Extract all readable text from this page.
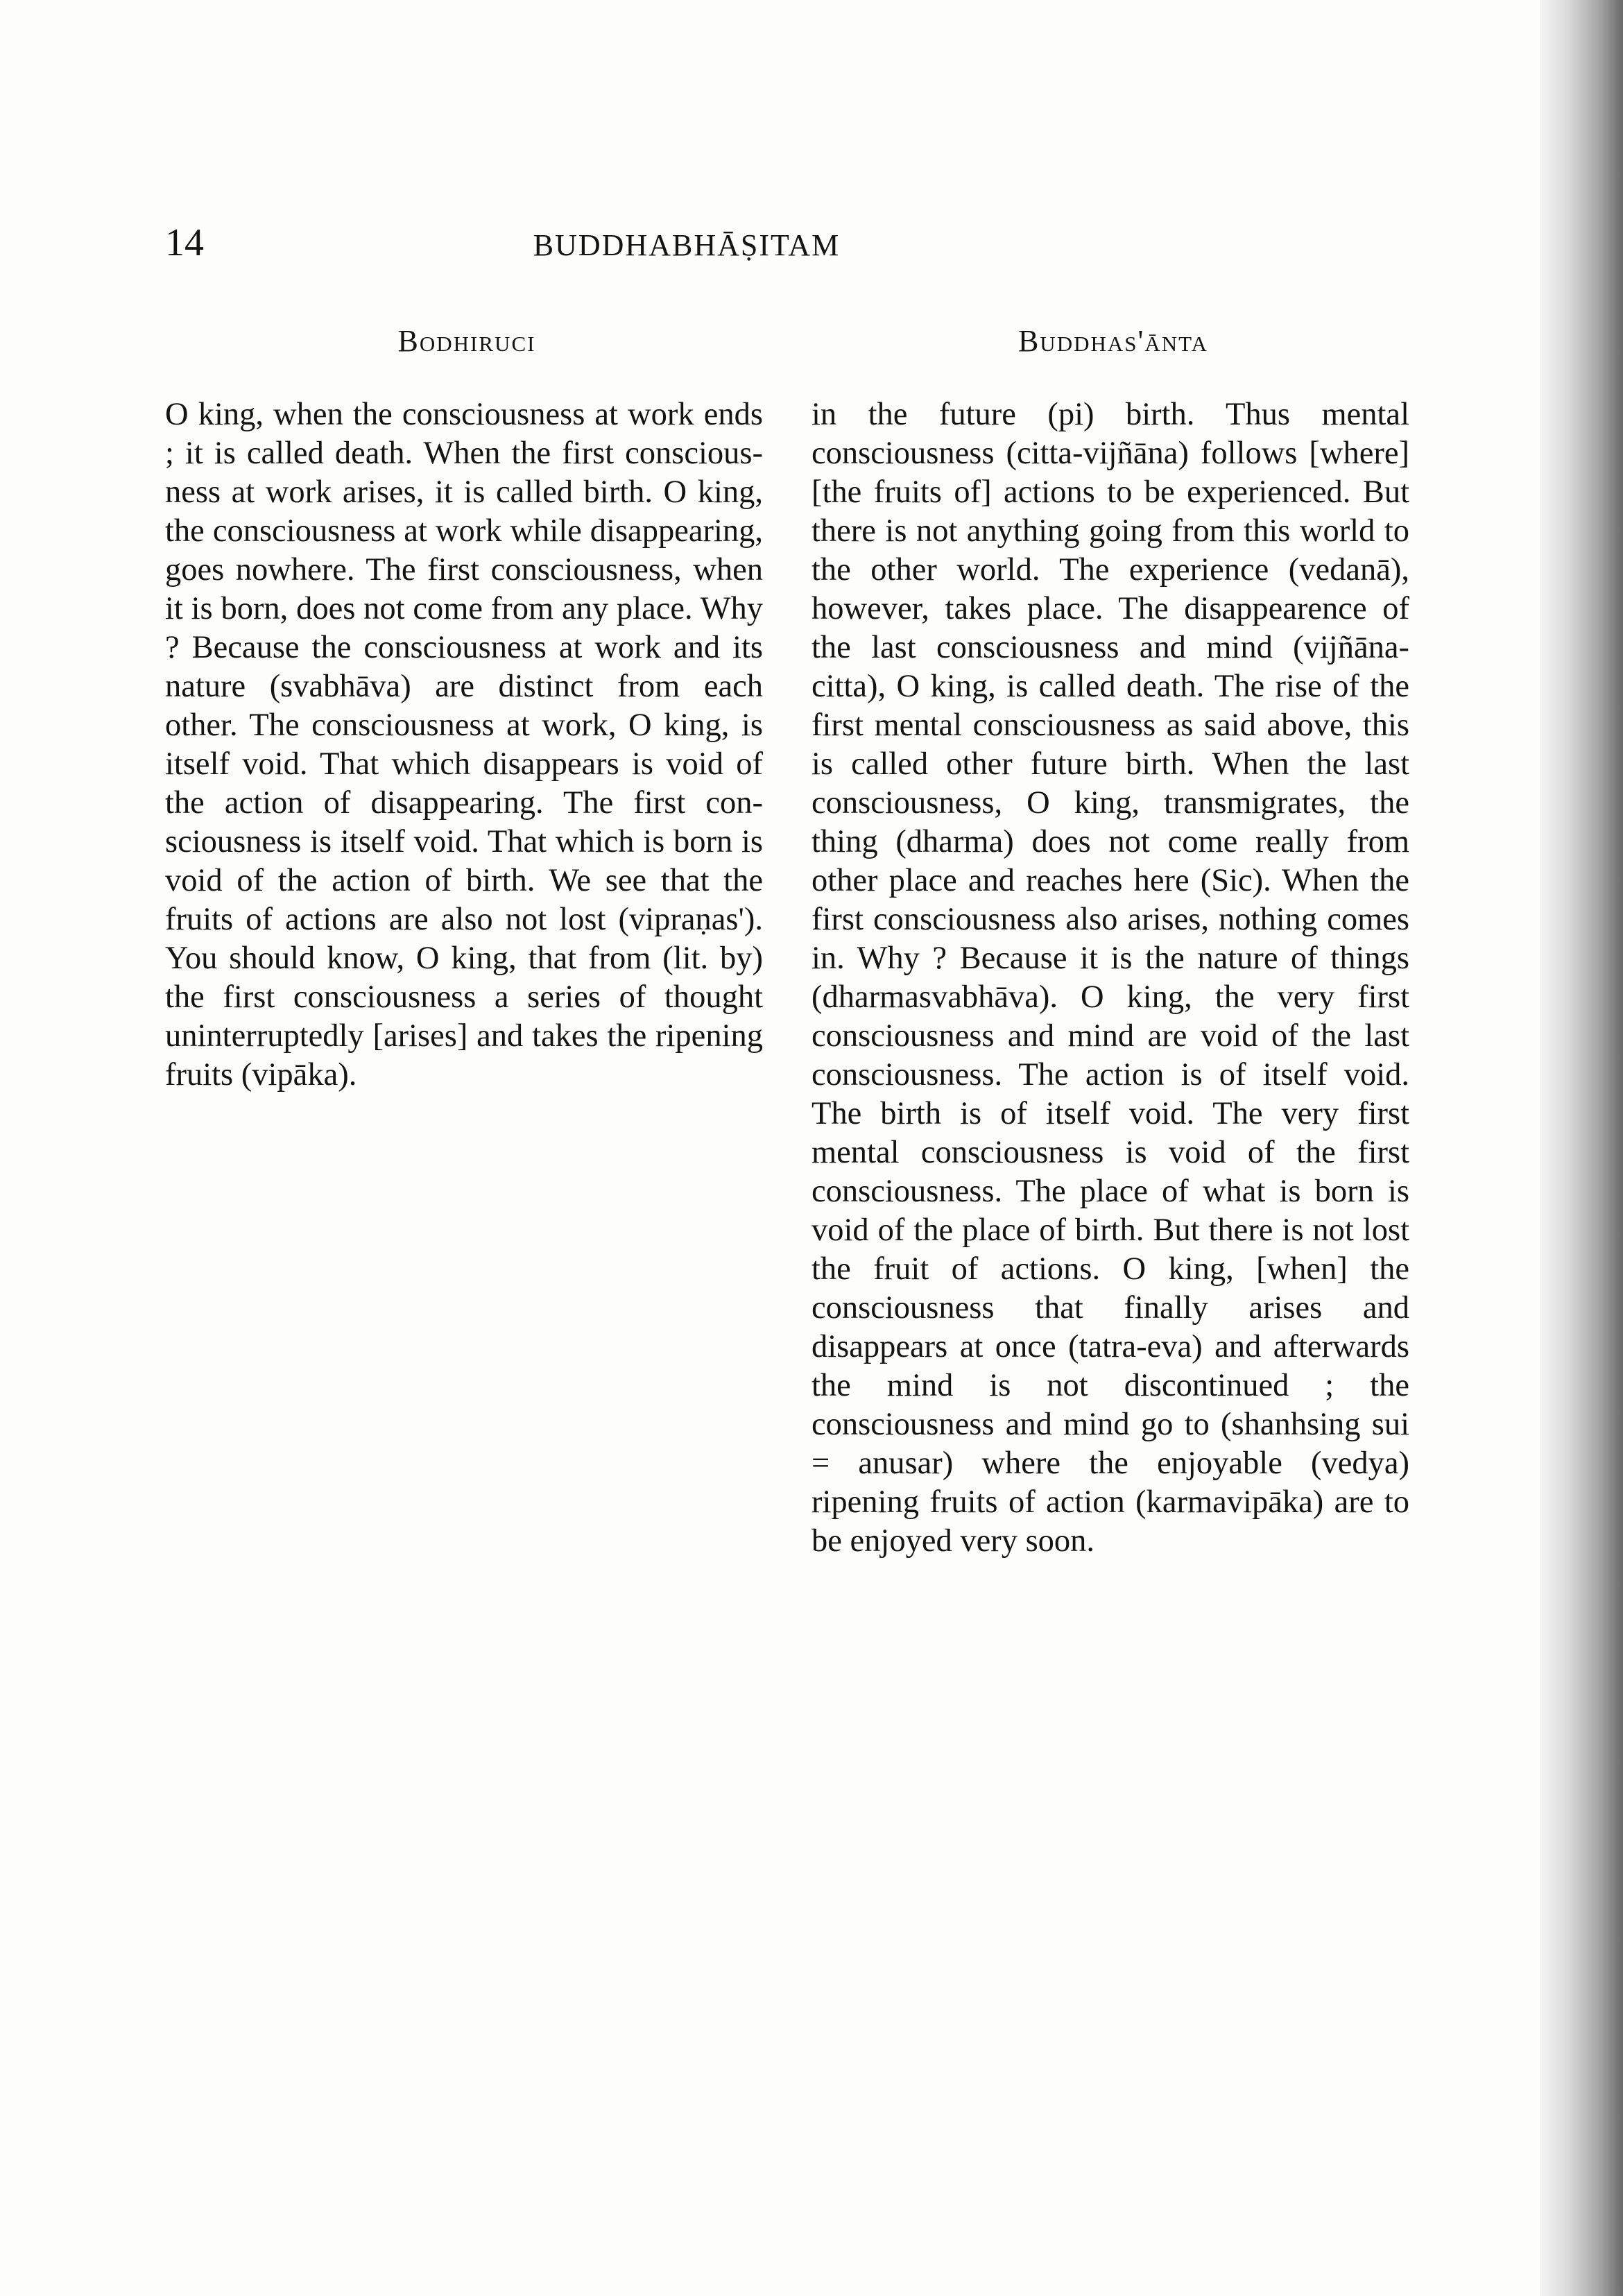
14	BUDDHABHĀṢITAM
Bodhiruci	Buddhas'ānta

O king, when the consciousness at work ends ; it is called death. When the first consciousness at work arises, it is called birth. O king, the consciousness at work while disappearing, goes nowhere. The first consciousness, when it is born, does not come from any place. Why ? Because the consciousness at work and its nature (svabhāva) are distinct from each other. The consciousness at work, O king, is itself void. That which disappears is void of the action of disappearing. The first consciousness is itself void. That which is born is void of the action of birth. We see that the fruits of actions are also not lost (vipraṇas'). You should know, O king, that from (lit. by) the first consciousness a series of thought uninterruptedly [arises] and takes the ripening fruits (vipāka).

in the future (pi) birth. Thus mental consciousness (citta-vijñāna) follows [where] [the fruits of] actions to be experienced. But there is not anything going from this world to the other world. The experience (vedanā), however, takes place. The disappearence of the last consciousness and mind (vijñāna-citta), O king, is called death. The rise of the first mental consciousness as said above, this is called other future birth. When the last consciousness, O king, transmigrates, the thing (dharma) does not come really from other place and reaches here (Sic). When the first consciousness also arises, nothing comes in. Why ? Because it is the nature of things (dharmasvabhāva). O king, the very first consciousness and mind are void of the last consciousness. The action is of itself void. The birth is of itself void. The very first mental consciousness is void of the first consciousness. The place of what is born is void of the place of birth. But there is not lost the fruit of actions. O king, [when] the consciousness that finally arises and disappears at once (tatra-eva) and afterwards the mind is not discontinued ; the consciousness and mind go to (shanhsing sui = anusar) where the enjoyable (vedya) ripening fruits of action (karmavipāka) are to be enjoyed very soon.
